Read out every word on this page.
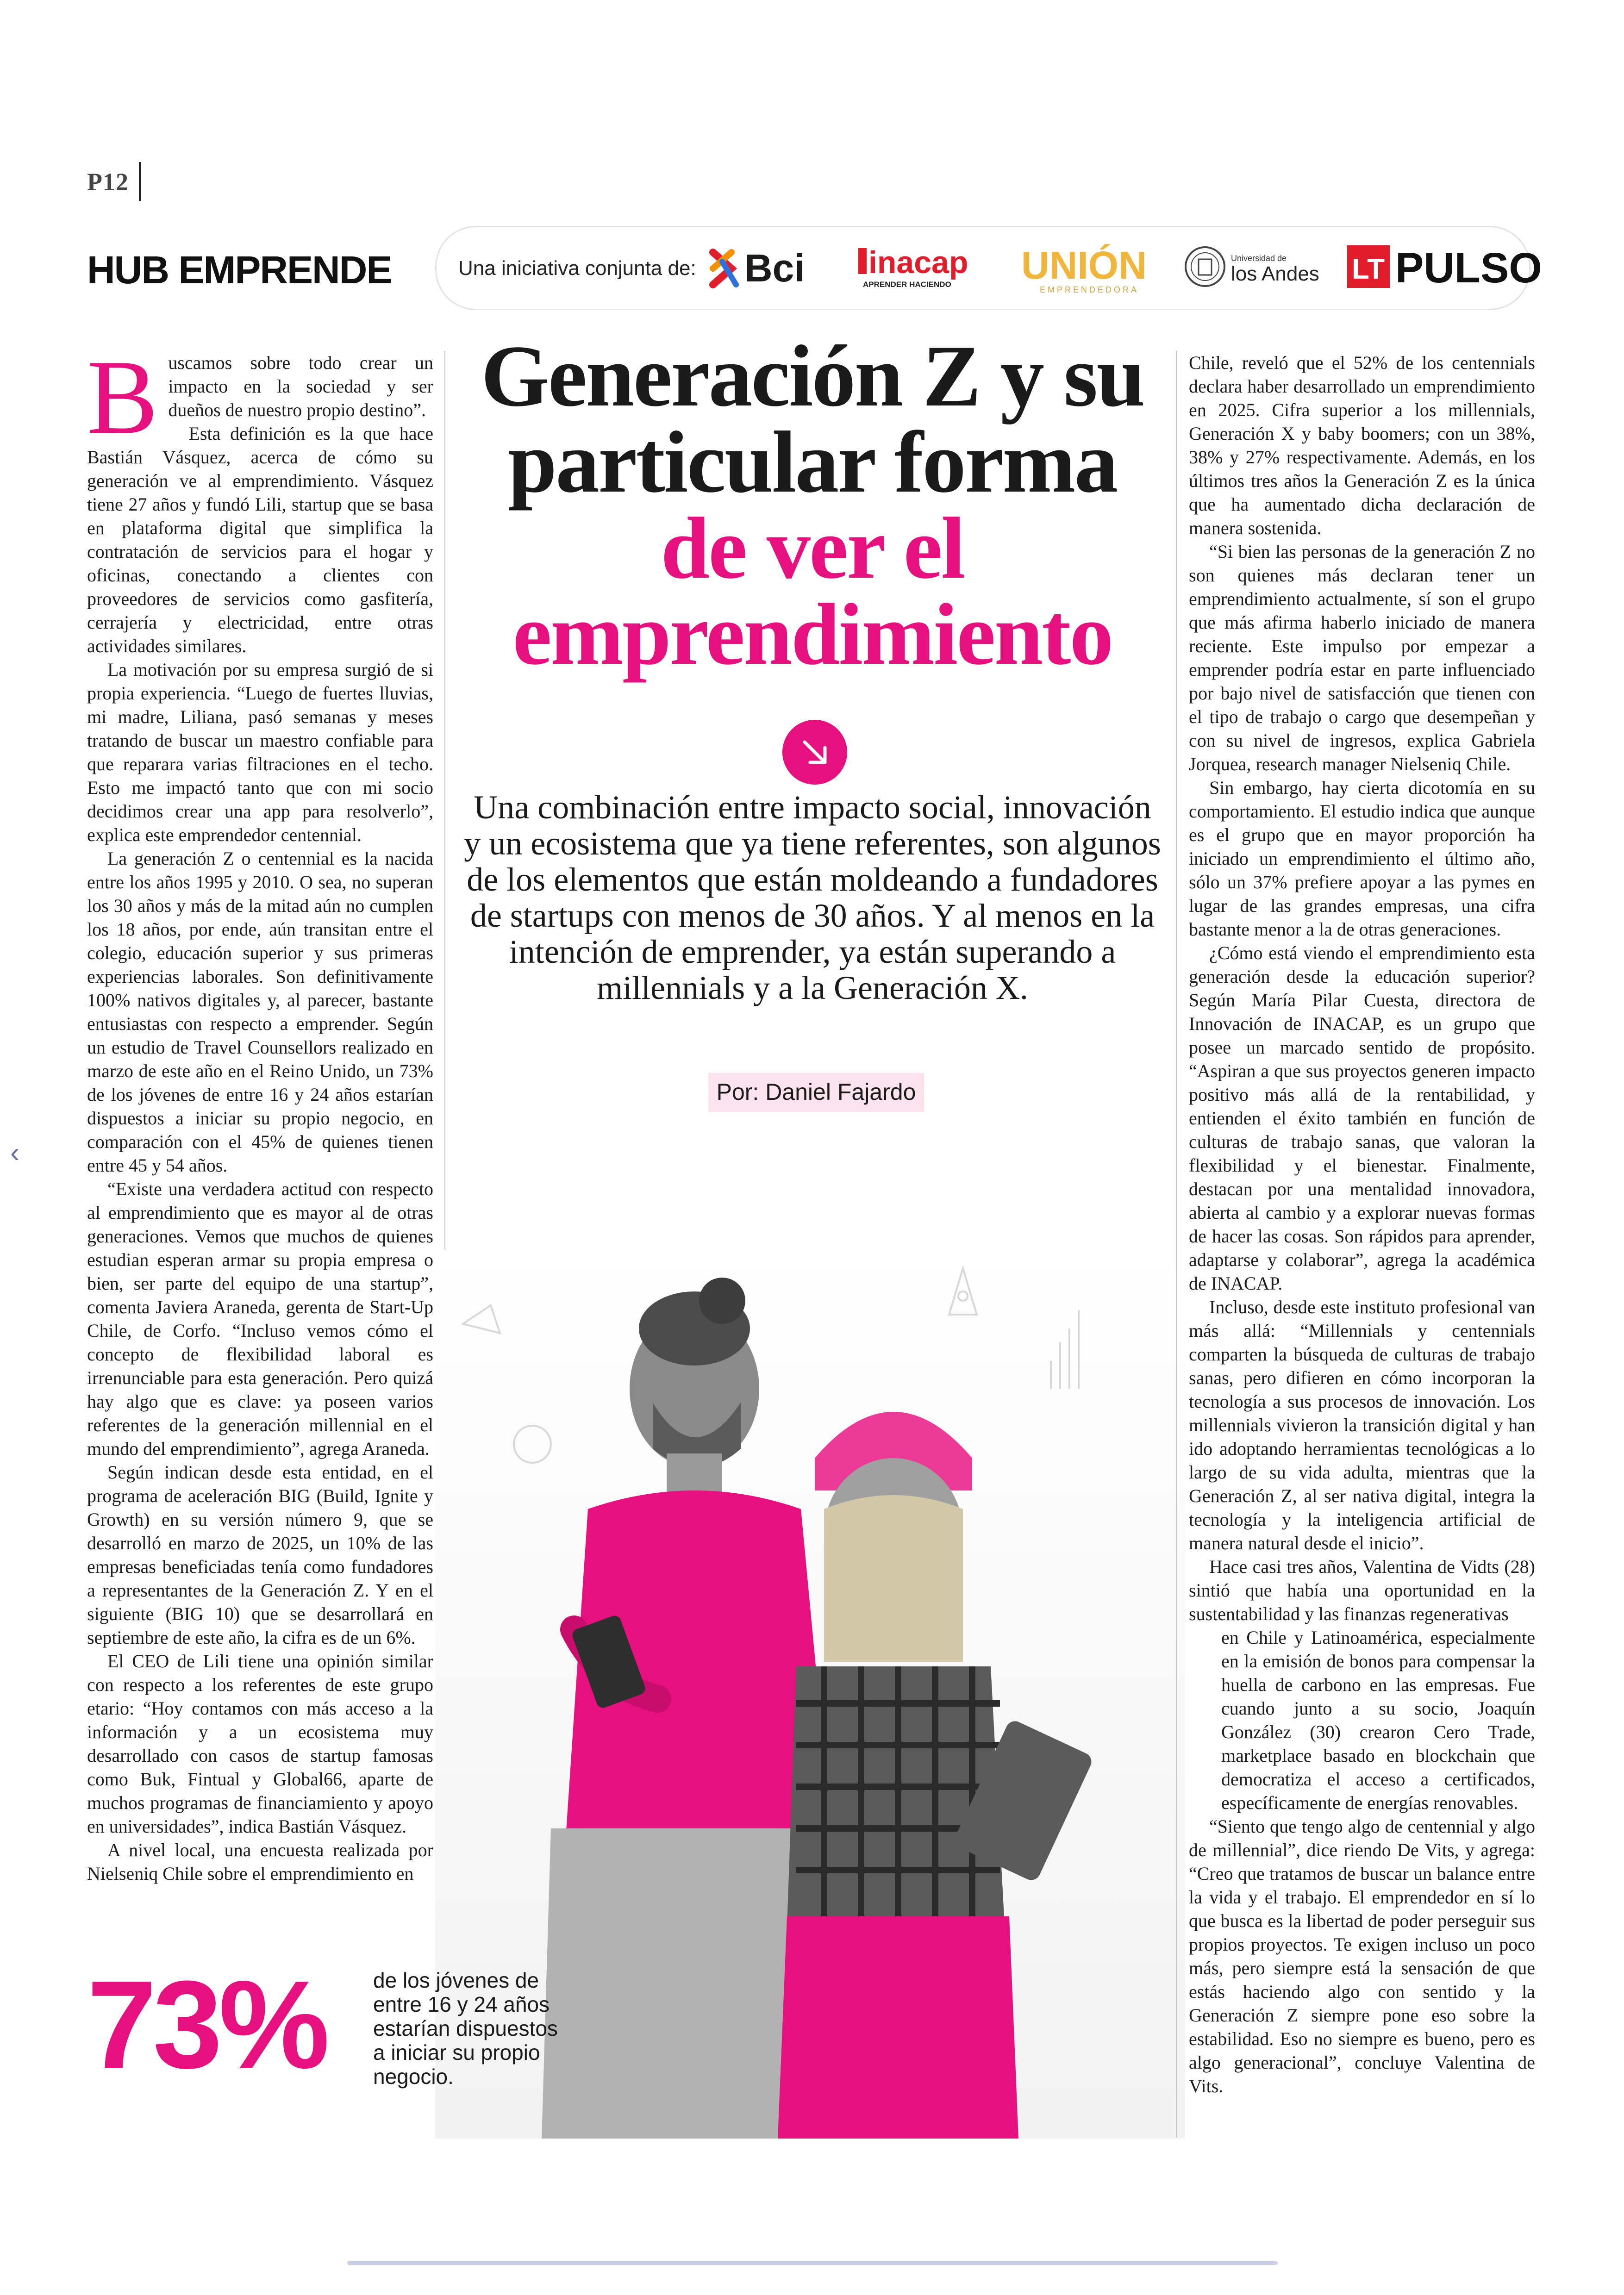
P12
HUB EMPRENDE	Una iniciativa conjunta de: Bci inacap
APRENDER HACIENDO UNIÓN
EMPRENDEDORA
Universidad de
los Andes LT PULSO

Buscamos sobre todo crear un impacto en la sociedad y ser dueños de nuestro propio destino”.

Esta definición es la que hace Bastián Vásquez, acerca de cómo su generación ve al emprendimiento. Vásquez tiene 27 años y fundó Lili, startup que se basa en plataforma digital que simplifica la contratación de servicios para el hogar y oficinas, conectando a clientes con proveedores de servicios como gasfitería, cerrajería y electricidad, entre otras actividades similares.

La motivación por su empresa surgió de si propia experiencia. “Luego de fuertes lluvias, mi madre, Liliana, pasó semanas y meses tratando de buscar un maestro confiable para que reparara varias filtraciones en el techo. Esto me impactó tanto que con mi socio decidimos crear una app para resolverlo”, explica este emprendedor centennial.

La generación Z o centennial es la nacida entre los años 1995 y 2010. O sea, no superan los 30 años y más de la mitad aún no cumplen los 18 años, por ende, aún transitan entre el colegio, educación superior y sus primeras experiencias laborales. Son definitivamente 100% nativos digitales y, al parecer, bastante entusiastas con respecto a emprender. Según un estudio de Travel Counsellors realizado en marzo de este año en el Reino Unido, un 73% de los jóvenes de entre 16 y 24 años estarían dispuestos a iniciar su propio negocio, en comparación con el 45% de quienes tienen entre 45 y 54 años.

“Existe una verdadera actitud con respecto al emprendimiento que es mayor al de otras generaciones. Vemos que muchos de quienes estudian esperan armar su propia empresa o bien, ser parte del equipo de una startup”, comenta Javiera Araneda, gerenta de Start-Up Chile, de Corfo. “Incluso vemos cómo el concepto de flexibilidad laboral es irrenunciable para esta generación. Pero quizá hay algo que es clave: ya poseen varios referentes de la generación millennial en el mundo del emprendimiento”, agrega Araneda.

Según indican desde esta entidad, en el programa de aceleración BIG (Build, Ignite y Growth) en su versión número 9, que se desarrolló en marzo de 2025, un 10% de las empresas beneficiadas tenía como fundadores a representantes de la Generación Z. Y en el siguiente (BIG 10) que se desarrollará en septiembre de este año, la cifra es de un 6%.

El CEO de Lili tiene una opinión similar con respecto a los referentes de este grupo etario: “Hoy contamos con más acceso a la información y a un ecosistema muy desarrollado con casos de startup famosas como Buk, Fintual y Global66, aparte de muchos programas de financiamiento y apoyo en universidades”, indica Bastián Vásquez.

A nivel local, una encuesta realizada por Nielseniq Chile sobre el emprendimiento en

Generación Z y su
particular forma
de ver el
emprendimiento
Una combinación entre impacto social, innovación y un ecosistema que ya tiene referentes, son algunos de los elementos que están moldeando a fundadores de startups con menos de 30 años. Y al menos en la intención de emprender, ya están superando a millennials y a la Generación X.
Por: Daniel Fajardo

Chile, reveló que el 52% de los centennials declara haber desarrollado un emprendimiento en 2025. Cifra superior a los millennials, Generación X y baby boomers; con un 38%, 38% y 27% respectivamente. Además, en los últimos tres años la Generación Z es la única que ha aumentado dicha declaración de manera sostenida.

“Si bien las personas de la generación Z no son quienes más declaran tener un emprendimiento actualmente, sí son el grupo que más afirma haberlo iniciado de manera reciente. Este impulso por empezar a emprender podría estar en parte influenciado por bajo nivel de satisfacción que tienen con el tipo de trabajo o cargo que desempeñan y con su nivel de ingresos, explica Gabriela Jorquea, research manager Nielseniq Chile.

Sin embargo, hay cierta dicotomía en su comportamiento. El estudio indica que aunque es el grupo que en mayor proporción ha iniciado un emprendimiento el último año, sólo un 37% prefiere apoyar a las pymes en lugar de las grandes empresas, una cifra bastante menor a la de otras generaciones.

¿Cómo está viendo el emprendimiento esta generación desde la educación superior? Según María Pilar Cuesta, directora de Innovación de INACAP, es un grupo que posee un marcado sentido de propósito. “Aspiran a que sus proyectos generen impacto positivo más allá de la rentabilidad, y entienden el éxito también en función de culturas de trabajo sanas, que valoran la flexibilidad y el bienestar. Finalmente, destacan por una mentalidad innovadora, abierta al cambio y a explorar nuevas formas de hacer las cosas. Son rápidos para aprender, adaptarse y colaborar”, agrega la académica de INACAP.

Incluso, desde este instituto profesional van más allá: “Millennials y centennials comparten la búsqueda de culturas de trabajo sanas, pero difieren en cómo incorporan la tecnología a sus procesos de innovación. Los millennials vivieron la transición digital y han ido adoptando herramientas tecnológicas a lo largo de su vida adulta, mientras que la Generación Z, al ser nativa digital, integra la tecnología y la inteligencia artificial de manera natural desde el inicio”.

Hace casi tres años, Valentina de Vidts (28) sintió que había una oportunidad en la sustentabilidad y las finanzas regenerativas

en Chile y Latinoamérica, especialmente en la emisión de bonos para compensar la huella de carbono en las empresas. Fue cuando junto a su socio, Joaquín González (30) crearon Cero Trade, marketplace basado en blockchain que democratiza el acceso a certificados, específicamente de energías renovables.

“Siento que tengo algo de centennial y algo de millennial”, dice riendo De Vits, y agrega: “Creo que tratamos de buscar un balance entre la vida y el trabajo. El emprendedor en sí lo que busca es la libertad de poder perseguir sus propios proyectos. Te exigen incluso un poco más, pero siempre está la sensación de que estás haciendo algo con sentido y la Generación Z siempre pone eso sobre la estabilidad. Eso no siempre es bueno, pero es algo generacional”, concluye Valentina de Vits.

73% de los jóvenes de entre 16 y 24 años estarían dispuestos a iniciar su propio negocio.
‹
